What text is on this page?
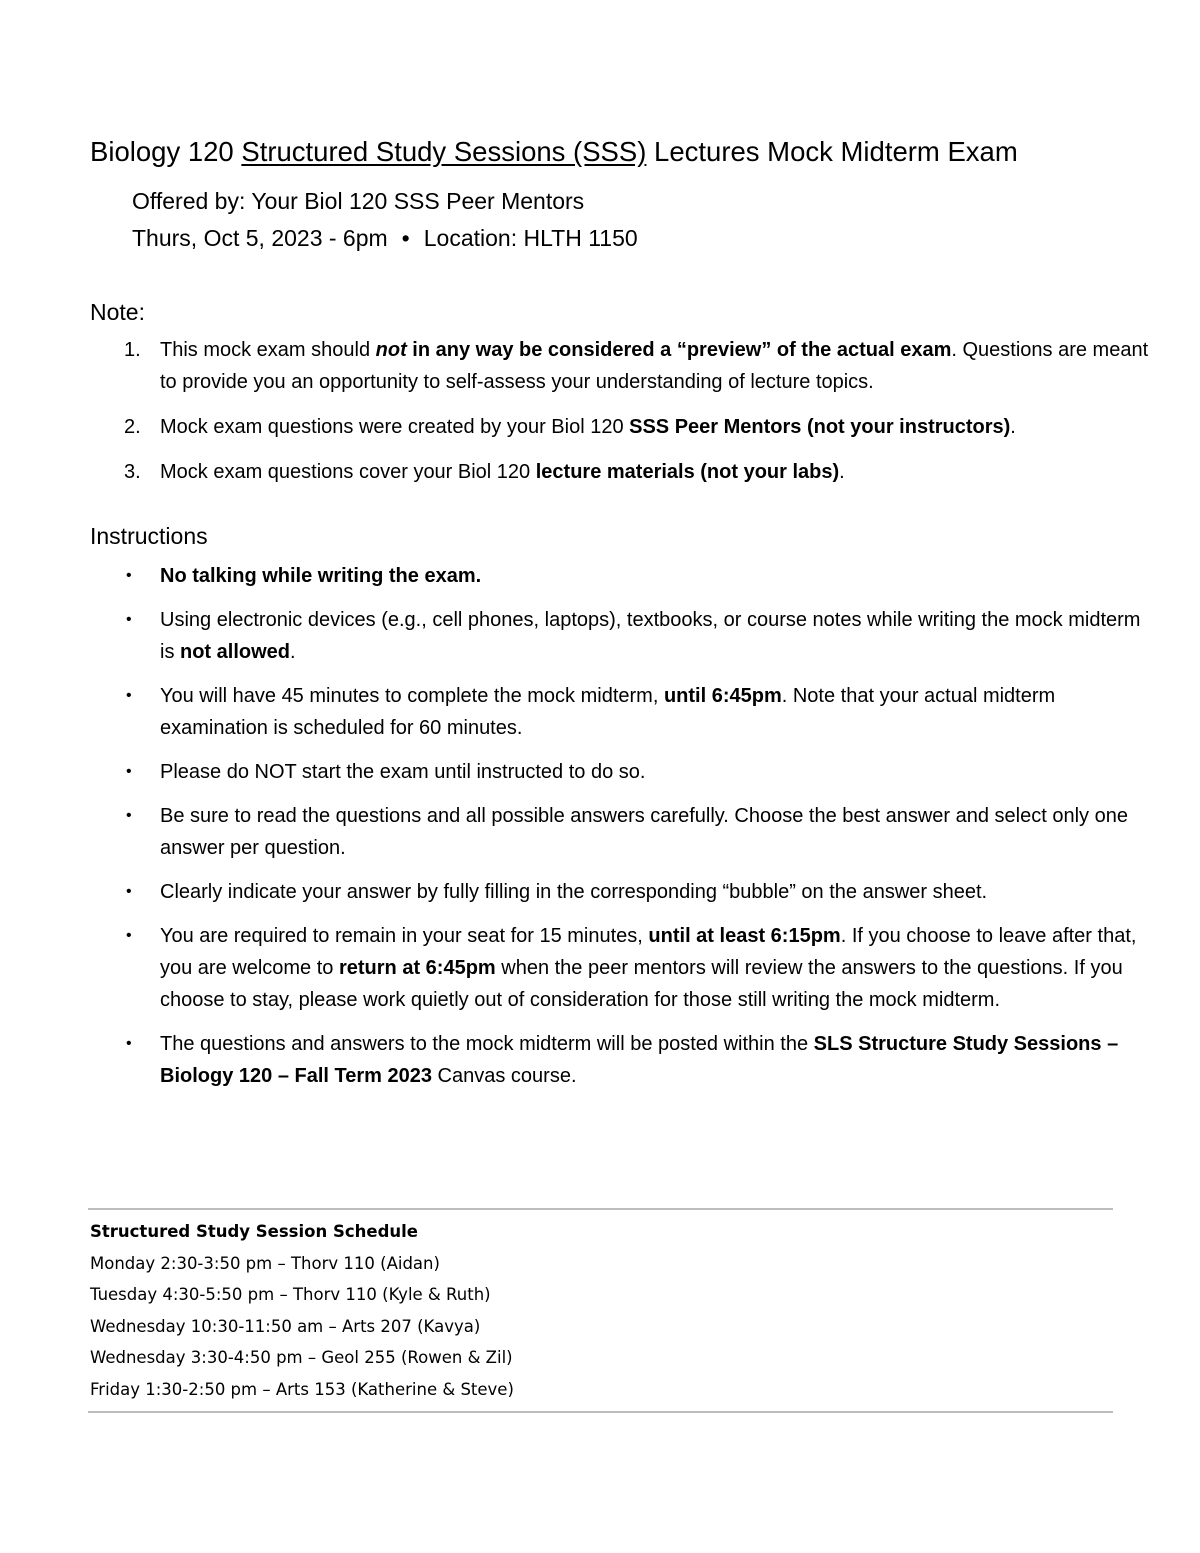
Biology 120 Structured Study Sessions (SSS) Lectures Mock Midterm Exam
Offered by: Your Biol 120 SSS Peer Mentors
Thurs, Oct 5, 2023 - 6pm • Location: HLTH 1150
Note:
1. This mock exam should not in any way be considered a “preview” of the actual exam. Questions are meant to provide you an opportunity to self-assess your understanding of lecture topics.
2. Mock exam questions were created by your Biol 120 SSS Peer Mentors (not your instructors).
3. Mock exam questions cover your Biol 120 lecture materials (not your labs).
Instructions
• No talking while writing the exam.
• Using electronic devices (e.g., cell phones, laptops), textbooks, or course notes while writing the mock midterm is not allowed.
• You will have 45 minutes to complete the mock midterm, until 6:45pm. Note that your actual midterm examination is scheduled for 60 minutes.
• Please do NOT start the exam until instructed to do so.
• Be sure to read the questions and all possible answers carefully. Choose the best answer and select only one answer per question.
• Clearly indicate your answer by fully filling in the corresponding “bubble” on the answer sheet.
• You are required to remain in your seat for 15 minutes, until at least 6:15pm. If you choose to leave after that, you are welcome to return at 6:45pm when the peer mentors will review the answers to the questions. If you choose to stay, please work quietly out of consideration for those still writing the mock midterm.
• The questions and answers to the mock midterm will be posted within the SLS Structure Study Sessions – Biology 120 – Fall Term 2023 Canvas course.
Structured Study Session Schedule
Monday 2:30-3:50 pm – Thorv 110 (Aidan)
Tuesday 4:30-5:50 pm – Thorv 110 (Kyle & Ruth)
Wednesday 10:30-11:50 am – Arts 207 (Kavya)
Wednesday 3:30-4:50 pm – Geol 255 (Rowen & Zil)
Friday 1:30-2:50 pm – Arts 153 (Katherine & Steve)
